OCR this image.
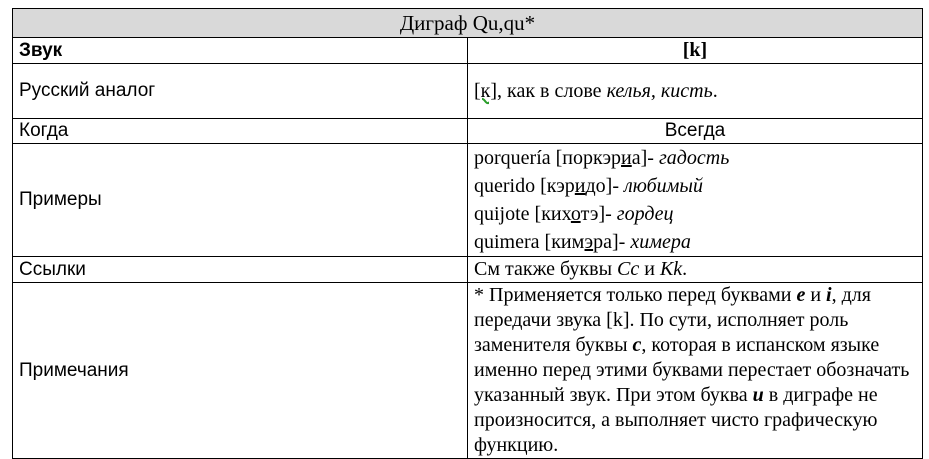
Диграф Qu,qu*	
Звук	[k]
Русский аналог	[к], как в слове келья, кисть.
Когда	Всегда
Примеры	porquería [поркэриа]- гадость
querido [кэридо]- любимый
quijote [кихотэ]- гордец
quimera [кимэра]- химера

Ссылки	См также буквы Cc и Kk.
Примечания	* Применяется только перед буквами e и i, для передачи звука [k]. По сути, исполняет роль заменителя буквы c, которая в испанском языке именно перед этими буквами перестает обозначать указанный звук. При этом буква u в диграфе не произносится, а выполняет чисто графическую функцию.
